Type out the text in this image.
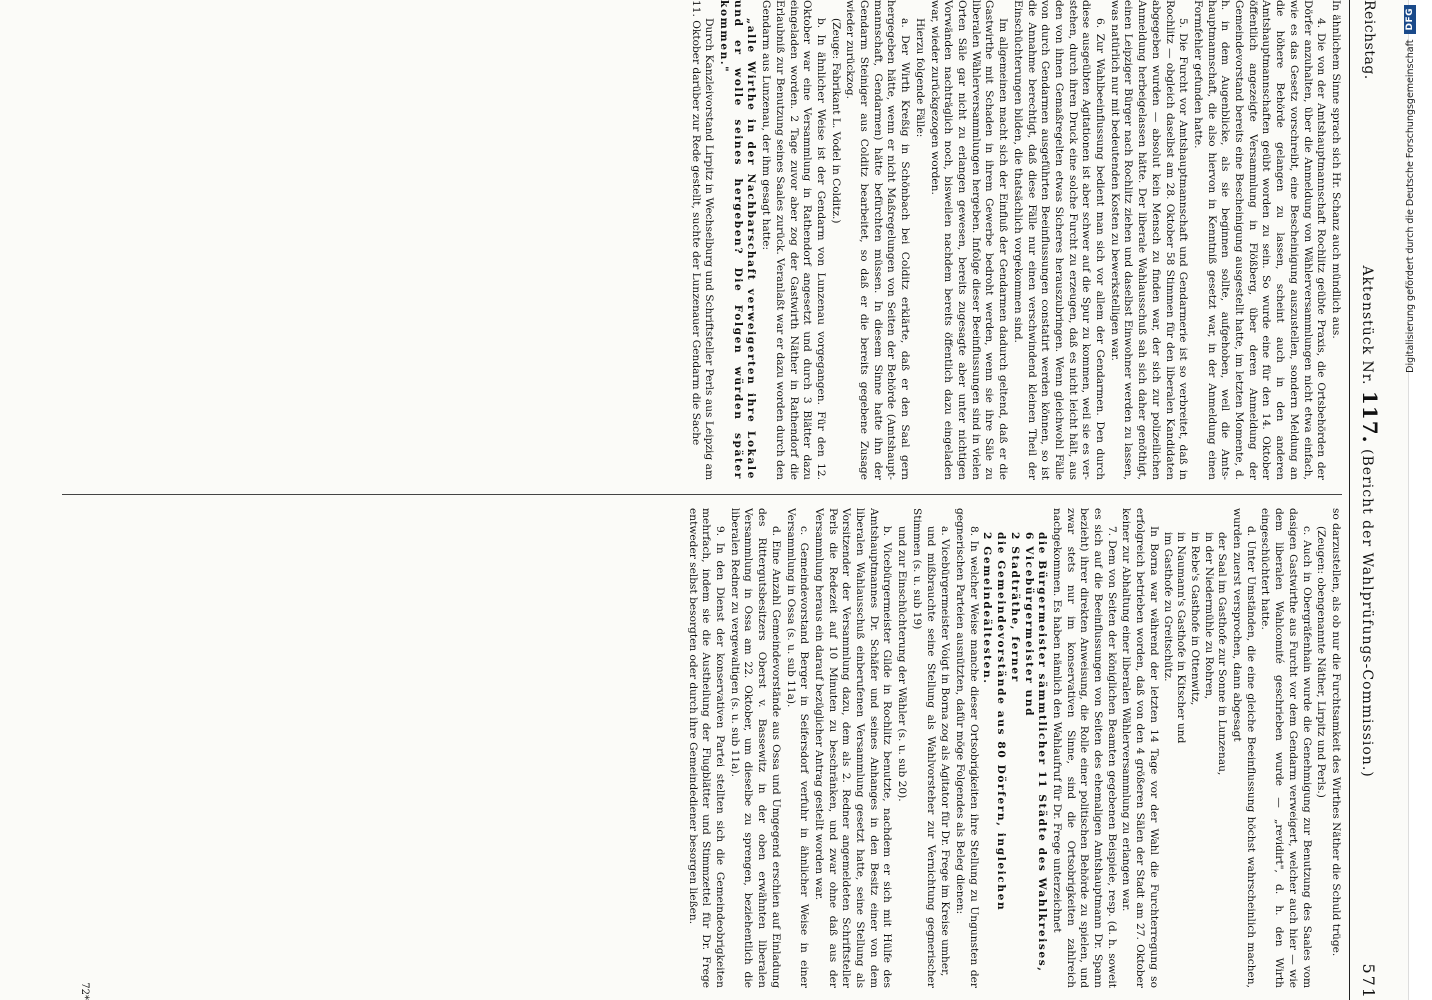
Reichstag.
Aktenstück Nr. 117. (Bericht der Wahlprüfungs-Commission.)
571

In ähnlichem Sinne sprach sich Hr. Schanz auch mündlich aus.

4. Die von der Amtshauptmannschaft Rochlitz geübte Praxis, die Ortsbehörden der Dörfer anzuhalten, über die Anmeldung von Wählerversammlungen nicht etwa einfach, wie es das Gesetz vorschreibt, eine Bescheinigung auszustellen, sondern Meldung an die höhere Behörde gelangen zu lassen, scheint auch in den anderen Amtshauptmannschaften geübt worden zu sein. So wurde eine für den 14. Oktober öffentlich angezeigte Versammlung in Flößberg, über deren Anmeldung der Gemeindevorstand bereits eine Bescheinigung ausgestellt hatte, im letzten Momente, d. h. in dem Augenblicke, als sie beginnen sollte, aufgehoben, weil die Amtshauptmannschaft, die also hiervon in Kenntniß gesetzt war, in der Anmeldung einen Formfehler gefunden hatte.

5. Die Furcht vor Amtshauptmannschaft und Gendarmerie ist so verbreitet, daß in Rochlitz — obgleich daselbst am 28. Oktober 58 Stimmen für den liberalen Kandidaten abgegeben wurden — absolut kein Mensch zu finden war, der sich zur polizeilichen Anmeldung herbeigelassen hätte. Der liberale Wahlausschuß sah sich daher genöthigt, einen Leipziger Bürger nach Rochlitz ziehen und daselbst Einwohner werden zu lassen, was natürlich nur mit bedeutenden Kosten zu bewerkstelligen war.

6. Zur Wahlbeeinflussung bedient man sich vor allem der Gendarmen. Den durch diese ausgeübten Agitationen ist aber schwer auf die Spur zu kommen, weil sie es verstehen, durch ihren Druck eine solche Furcht zu erzeugen, daß es nicht leicht hält, aus den von ihnen Gemaßregelten etwas Sicheres herauszubringen. Wenn gleichwohl Fälle von durch Gendarmen ausgeführten Beeinflussungen constatirt werden können, so ist die Annahme berechtigt, daß diese Fälle nur einen verschwindend kleinen Theil der Einschüchterungen bilden, die thatsächlich vorgekommen sind.

Im allgemeinen macht sich der Einfluß der Gendarmen dadurch geltend, daß er die Gastwirthe mit Schaden in ihrem Gewerbe bedroht werden, wenn sie ihre Säle zu liberalen Wählerversammlungen hergeben. Infolge dieser Beeinflussungen sind in vielen Orten Säle gar nicht zu erlangen gewesen, bereits zugesagte aber unter nichtigen Vorwänden nachträglich noch, bisweilen nachdem bereits öffentlich dazu eingeladen war, wieder zurückgezogen worden.

Hierzu folgende Fälle:

a. Der Wirth Kreßig in Schönbach bei Colditz erklärte, daß er den Saal gern hergegeben hätte, wenn er nicht Maßregelungen von Seiten der Behörde (Amtshauptmannschaft, Gendarmen) hätte befürchten müssen. In diesem Sinne hatte ihn der Gendarm Steiniger aus Colditz bearbeitet, so daß er die bereits gegebene Zusage wieder zurückzog.

(Zeuge: Fabrikant L. Vodel in Colditz.)

b. In ähnlicher Weise ist der Gendarm von Lunzenau vorgegangen. Für den 12. Oktober war eine Versammlung in Rathendorf angesetzt und durch 3 Blätter dazu eingeladen worden. 2 Tage zuvor aber zog der Gastwirth Näther in Rathendorf die Erlaubniß zur Benutzung seines Saales zurück. Veranlaßt war er dazu worden durch den Gendarm aus Lunzenau, der ihm gesagt hatte:

„alle Wirthe in der Nachbarschaft verweigerten ihre Lokale und er wolle seines hergeben? Die Folgen würden später kommen."

Durch Kanzleivorstand Lirpitz in Wechselburg und Schriftsteller Perls aus Leipzig am 11. Oktober darüber zur Rede gestellt, suchte der Lunzenauer Gendarm die Sache

so darzustellen, als ob nur die Furchtsamkeit des Wirthes Näther die Schuld trüge.

(Zeugen: obengenannte Näther, Lirpitz und Perls.)

c. Auch in Obergräfenhain wurde die Genehmigung zur Benutzung des Saales vom dasigen Gastwirthe aus Furcht vor dem Gendarm verweigert, welcher auch hier — wie dem liberalen Wahlcomité geschrieben wurde — „revidirt", d. h. den Wirth eingeschüchtert hatte.

d. Unter Umständen, die eine gleiche Beeinflussung höchst wahrscheinlich machen, wurden zuerst versprochen, dann abgesagt

der Saal im Gasthofe zur Sonne in Lunzenau,
in der Niedermühle zu Rohren,
in Rebe's Gasthofe in Ottenwitz,
in Naumann's Gasthofe in Kitscher und
im Gasthofe zu Greitschütz.

In Borna war während der letzten 14 Tage vor der Wahl die Furchterregung so erfolgreich betrieben worden, daß von den 4 größeren Sälen der Stadt am 27. Oktober keiner zur Abhaltung einer liberalen Wählerversammlung zu erlangen war.

7. Dem von Seiten der königlichen Beamten gegebenen Beispiele, resp. (d. h. soweit es sich auf die Beeinflussungen von Seiten des ehemaligen Amtshauptmann Dr. Spann bezieht) ihrer direkten Anweisung, die Rolle einer politischen Behörde zu spielen, und zwar stets nur im konservativen Sinne, sind die Ortsobrigkeiten zahlreich nachgekommen. Es haben nämlich den Wahlaufruf für Dr. Frege unterzeichnet

die Bürgermeister sämmtlicher 11 Städte des Wahlkreises,
6 Vicebürgermeister und
2 Stadträthe, ferner
die Gemeindevorstände aus 80 Dörfern, ingleichen
2 Gemeindeältesten.

8. In welcher Weise manche dieser Ortsobrigkeiten ihre Stellung zu Ungunsten der gegnerischen Parteien ausnützten, dafür möge Folgendes als Beleg dienen:

a. Vicebürgermeister Voigt in Borna zog als Agitator für Dr. Frege im Kreise umher,

und mißbrauchte seine Stellung als Wahlvorsteher zur Vernichtung gegnerischer Stimmen (s. u. sub 19)

und zur Einschüchterung der Wähler (s. u. sub 20).

b. Vicebürgermeister Gilde in Rochlitz benutzte, nachdem er sich mit Hülfe des Amtshauptmannes Dr. Schäfer und seines Anhanges in den Besitz einer von dem liberalen Wahlausschuß einberufenen Versammlung gesetzt hatte, seine Stellung als Vorsitzender der Versammlung dazu, dem als 2. Redner angemeldeten Schriftsteller Perls die Redezeit auf 10 Minuten zu beschränken, und zwar ohne daß aus der Versammlung heraus ein darauf bezüglicher Antrag gestellt worden war.

c. Gemeindevorstand Berger in Seifersdorf verfuhr in ähnlicher Weise in einer Versammlung in Ossa (s. u. sub 11a).

d. Eine Anzahl Gemeindevorstände aus Ossa und Umgegend erschien auf Einladung des Rittergutsbesitzers Oberst v. Bassewitz in der oben erwähnten liberalen Versammlung in Ossa am 22. Oktober, um dieselbe zu sprengen, beziehentlich die liberalen Redner zu vergewaltigen (s. u. sub 11a).

9. In den Dienst der konservativen Partei stellten sich die Gemeindeobrigkeiten mehrfach, indem sie die Austheilung der Flugblätter und Stimmzettel für Dr. Frege entweder selbst besorgten oder durch ihre Gemeindediener besorgen ließen.

72*
Digitalisierung gefördert durch die Deutsche Forschungsgemeinschaft
DFG
